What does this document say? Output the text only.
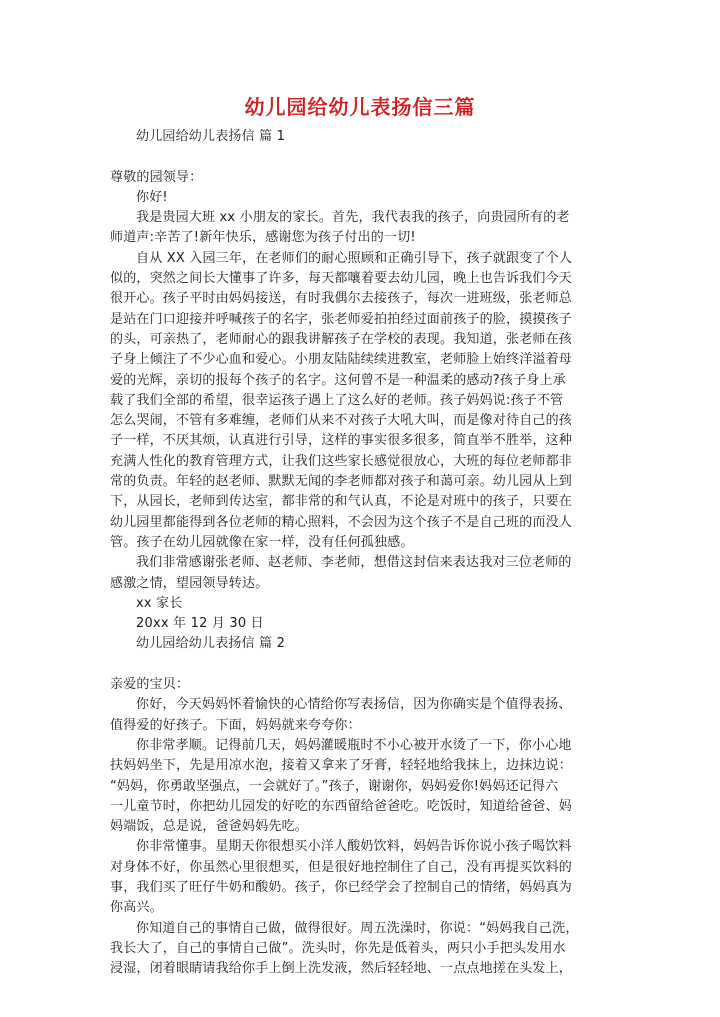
幼儿园给幼儿表扬信三篇
幼儿园给幼儿表扬信 篇 1
尊敬的园领导：
你好!
我是贵园大班 xx 小朋友的家长。首先，我代表我的孩子，向贵园所有的老
师道声:辛苦了!新年快乐，感谢您为孩子付出的一切!
自从 XX 入园三年，在老师们的耐心照顾和正确引导下，孩子就跟变了个人
似的，突然之间长大懂事了许多，每天都嚷着要去幼儿园，晚上也告诉我们今天
很开心。孩子平时由妈妈接送，有时我偶尔去接孩子，每次一进班级，张老师总
是站在门口迎接并呼喊孩子的名字，张老师爱拍拍经过面前孩子的脸，摸摸孩子
的头，可亲热了，老师耐心的跟我讲解孩子在学校的表现。我知道，张老师在孩
子身上倾注了不少心血和爱心。小朋友陆陆续续进教室，老师脸上始终洋溢着母
爱的光辉，亲切的报每个孩子的名字。这何曾不是一种温柔的感动?孩子身上承
载了我们全部的希望，很幸运孩子遇上了这么好的老师。孩子妈妈说:孩子不管
怎么哭闹，不管有多难缠，老师们从来不对孩子大吼大叫，而是像对待自己的孩
子一样，不厌其烦，认真进行引导，这样的事实很多很多，简直举不胜举，这种
充满人性化的教育管理方式，让我们这些家长感觉很放心，大班的每位老师都非
常的负责。年轻的赵老师、默默无闻的李老师都对孩子和蔼可亲。幼儿园从上到
下，从园长，老师到传达室，都非常的和气认真，不论是对班中的孩子，只要在
幼儿园里都能得到各位老师的精心照料，不会因为这个孩子不是自己班的而没人
管。孩子在幼儿园就像在家一样，没有任何孤独感。
我们非常感谢张老师、赵老师、李老师，想借这封信来表达我对三位老师的
感激之情，望园领导转达。
xx 家长
20xx 年 12 月 30 日
幼儿园给幼儿表扬信 篇 2
亲爱的宝贝：
你好，今天妈妈怀着愉快的心情给你写表扬信，因为你确实是个值得表扬、
值得爱的好孩子。下面，妈妈就来夸夸你：
你非常孝顺。记得前几天，妈妈灌暖瓶时不小心被开水烫了一下，你小心地
扶妈妈坐下，先是用凉水泡，接着又拿来了牙膏，轻轻地给我抹上，边抹边说：
“妈妈，你勇敢坚强点，一会就好了。”孩子，谢谢你，妈妈爱你!妈妈还记得六
一儿童节时，你把幼儿园发的好吃的东西留给爸爸吃。吃饭时，知道给爸爸、妈
妈端饭，总是说，爸爸妈妈先吃。
你非常懂事。星期天你很想买小洋人酸奶饮料，妈妈告诉你说小孩子喝饮料
对身体不好，你虽然心里很想买，但是很好地控制住了自己，没有再提买饮料的
事，我们买了旺仔牛奶和酸奶。孩子，你已经学会了控制自己的情绪，妈妈真为
你高兴。
你知道自己的事情自己做，做得很好。周五洗澡时，你说：“妈妈我自己洗，
我长大了，自己的事情自己做”。洗头时，你先是低着头，两只小手把头发用水
浸湿，闭着眼睛请我给你手上倒上洗发液，然后轻轻地、一点点地搓在头发上，
